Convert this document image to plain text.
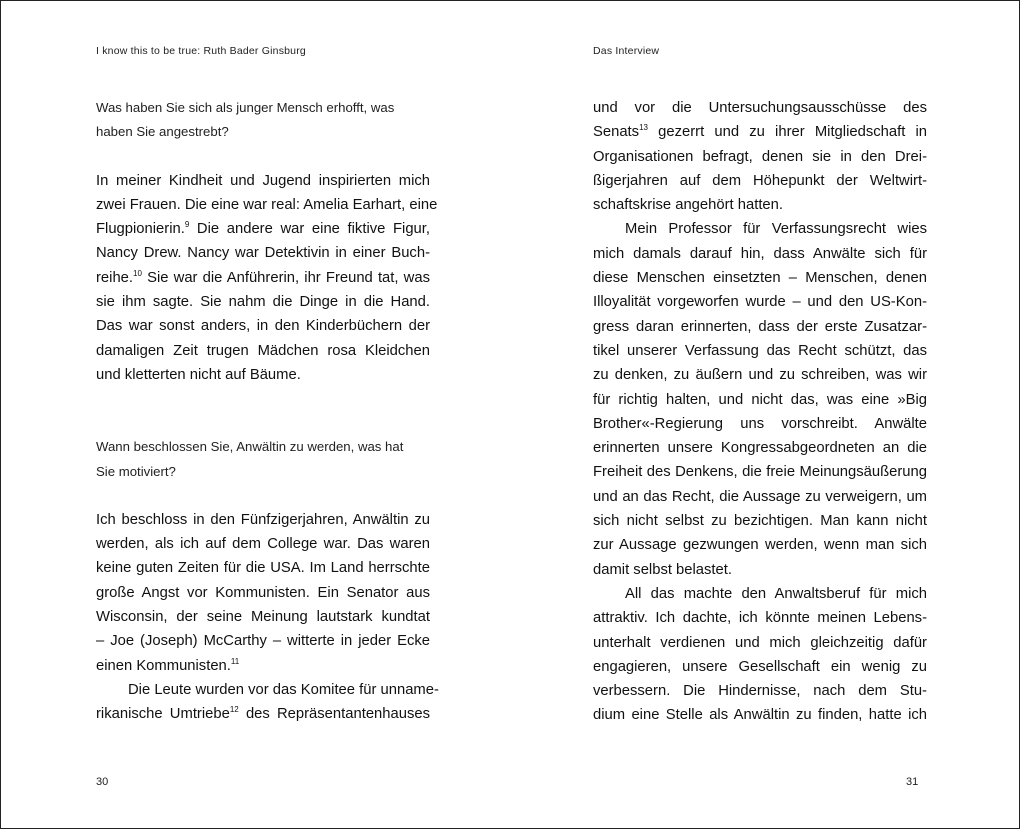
I know this to be true: Ruth Bader Ginsburg

Was haben Sie sich als junger Mensch erhofft, was
haben Sie angestrebt?

In meiner Kindheit und Jugend inspirierten mich
zwei Frauen. Die eine war real: Amelia Earhart, eine
Flugpionierin.$^9$ Die andere war eine fiktive Figur,
Nancy Drew. Nancy war Detektivin in einer Buch-
reihe.$^{10}$ Sie war die Anführerin, ihr Freund tat, was
sie ihm sagte. Sie nahm die Dinge in die Hand.
Das war sonst anders, in den Kinderbüchern der
damaligen Zeit trugen Mädchen rosa Kleidchen
und kletterten nicht auf Bäume.

Wann beschlossen Sie, Anwältin zu werden, was hat
Sie motiviert?

Ich beschloss in den Fünfzigerjahren, Anwältin zu
werden, als ich auf dem College war. Das waren
keine guten Zeiten für die USA. Im Land herrschte
große Angst vor Kommunisten. Ein Senator aus
Wisconsin, der seine Meinung lautstark kundtat
– Joe (Joseph) McCarthy – witterte in jeder Ecke
einen Kommunisten.$^{11}$
Die Leute wurden vor das Komitee für unname-
rikanische Umtriebe$^{12}$ des Repräsentantenhauses

30
Das Interview

und vor die Untersuchungsausschüsse des
Senats$^{13}$ gezerrt und zu ihrer Mitgliedschaft in
Organisationen befragt, denen sie in den Drei-
ßigerjahren auf dem Höhepunkt der Weltwirt-
schaftskrise angehört hatten.

Mein Professor für Verfassungsrecht wies
mich damals darauf hin, dass Anwälte sich für
diese Menschen einsetzten – Menschen, denen
Illoyalität vorgeworfen wurde – und den US-Kon-
gress daran erinnerten, dass der erste Zusatzar-
tikel unserer Verfassung das Recht schützt, das
zu denken, zu äußern und zu schreiben, was wir
für richtig halten, und nicht das, was eine »Big
Brother«-Regierung uns vorschreibt. Anwälte
erinnerten unsere Kongressabgeordneten an die
Freiheit des Denkens, die freie Meinungsäußerung
und an das Recht, die Aussage zu verweigern, um
sich nicht selbst zu bezichtigen. Man kann nicht
zur Aussage gezwungen werden, wenn man sich
damit selbst belastet.

All das machte den Anwaltsberuf für mich
attraktiv. Ich dachte, ich könnte meinen Lebens-
unterhalt verdienen und mich gleichzeitig dafür
engagieren, unsere Gesellschaft ein wenig zu
verbessern. Die Hindernisse, nach dem Stu-
dium eine Stelle als Anwältin zu finden, hatte ich

31
